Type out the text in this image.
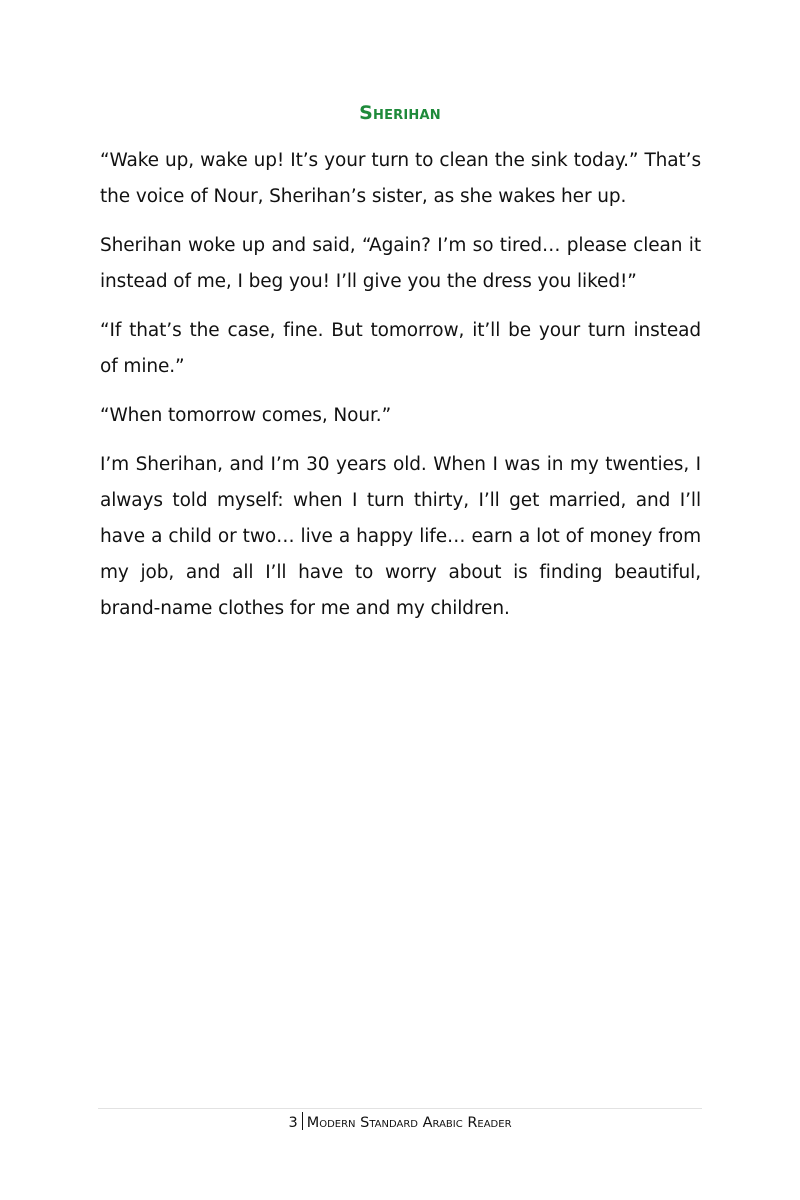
Sherihan

“Wake up, wake up! It’s your turn to clean the sink today.” That’s the voice of Nour, Sherihan’s sister, as she wakes her up.

Sherihan woke up and said, “Again? I’m so tired… please clean it instead of me, I beg you! I’ll give you the dress you liked!”

“If that’s the case, fine. But tomorrow, it’ll be your turn instead of mine.”

“When tomorrow comes, Nour.”

I’m Sherihan, and I’m 30 years old. When I was in my twenties, I always told myself: when I turn thirty, I’ll get married, and I’ll have a child or two… live a happy life… earn a lot of money from my job, and all I’ll have to worry about is finding beautiful, brand-name clothes for me and my children.

3 Modern Standard Arabic Reader
